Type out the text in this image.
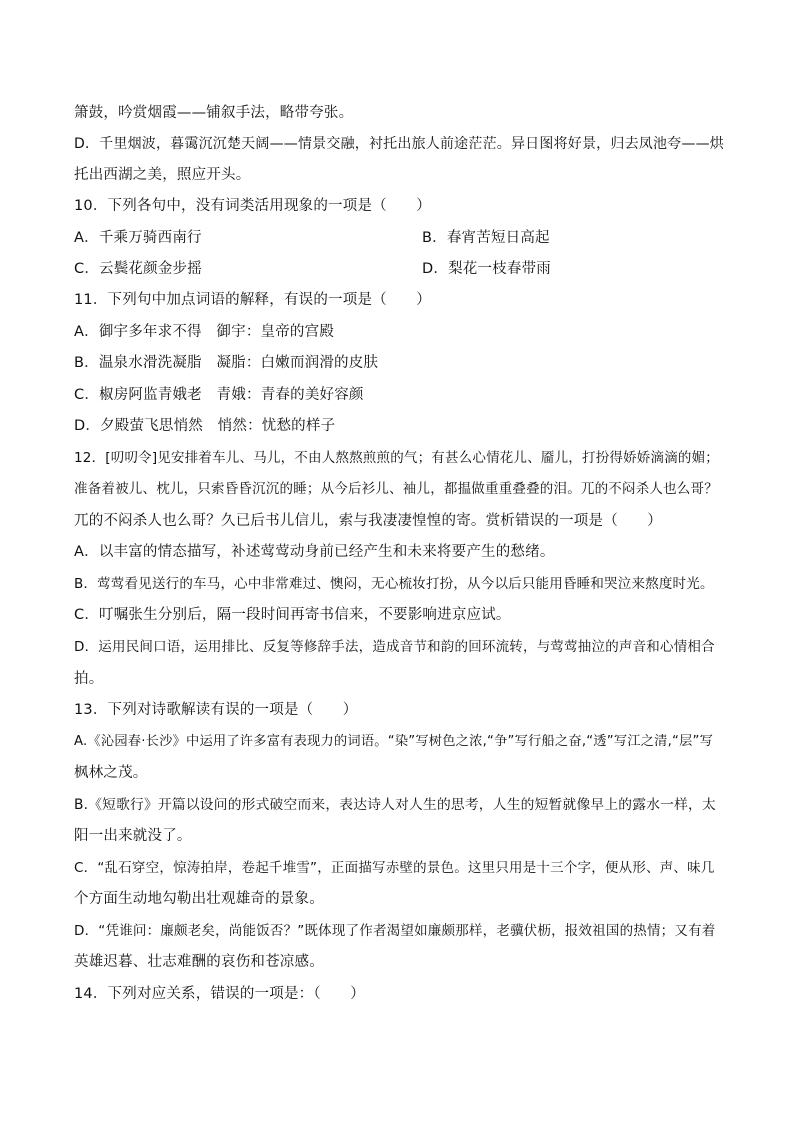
箫鼓，吟赏烟霞——铺叙手法，略带夸张。
D．千里烟波，暮霭沉沉楚天阔——情景交融，衬托出旅人前途茫茫。异日图将好景，归去凤池夸——烘
托出西湖之美，照应开头。
10．下列各句中，没有词类活用现象的一项是（　　）
A．千乘万骑西南行	B．春宵苦短日高起
C．云鬓花颜金步摇	D．梨花一枝春带雨
11．下列句中加点词语的解释，有误的一项是（　　）
A．御宇多年求不得　御宇：皇帝的宫殿
B．温泉水滑洗凝脂　凝脂：白嫩而润滑的皮肤
C．椒房阿监青娥老　青娥：青春的美好容颜
D．夕殿萤飞思悄然　悄然：忧愁的样子
12．[叨叨令]见安排着车儿、马儿，不由人熬熬煎煎的气；有甚么心情花儿、靥儿，打扮得娇娇滴滴的媚；
准备着被儿、枕儿，只索昏昏沉沉的睡；从今后衫儿、袖儿，都揾做重重叠叠的泪。兀的不闷杀人也么哥？
兀的不闷杀人也么哥？久已后书儿信儿，索与我凄凄惶惶的寄。赏析错误的一项是（　　）
A．以丰富的情态描写，补述莺莺动身前已经产生和未来将要产生的愁绪。
B．莺莺看见送行的车马，心中非常难过、懊闷，无心梳妆打扮，从今以后只能用昏睡和哭泣来熬度时光。
C．叮嘱张生分别后，隔一段时间再寄书信来，不要影响进京应试。
D．运用民间口语，运用排比、反复等修辞手法，造成音节和韵的回环流转，与莺莺抽泣的声音和心情相合
拍。
13．下列对诗歌解读有误的一项是（　　）
A.《沁园春·长沙》中运用了许多富有表现力的词语。“染”写树色之浓,“争”写行船之奋,“透”写江之清,“层”写
枫林之茂。
B.《短歌行》开篇以设问的形式破空而来，表达诗人对人生的思考，人生的短暂就像早上的露水一样，太
阳一出来就没了。
C．“乱石穿空，惊涛拍岸，卷起千堆雪”，正面描写赤壁的景色。这里只用是十三个字，便从形、声、味几
个方面生动地勾勒出壮观雄奇的景象。
D．“凭谁问：廉颇老矣，尚能饭否？”既体现了作者渴望如廉颇那样，老骥伏枥，报效祖国的热情；又有着
英雄迟暮、壮志难酬的哀伤和苍凉感。
14．下列对应关系，错误的一项是：（　　）
